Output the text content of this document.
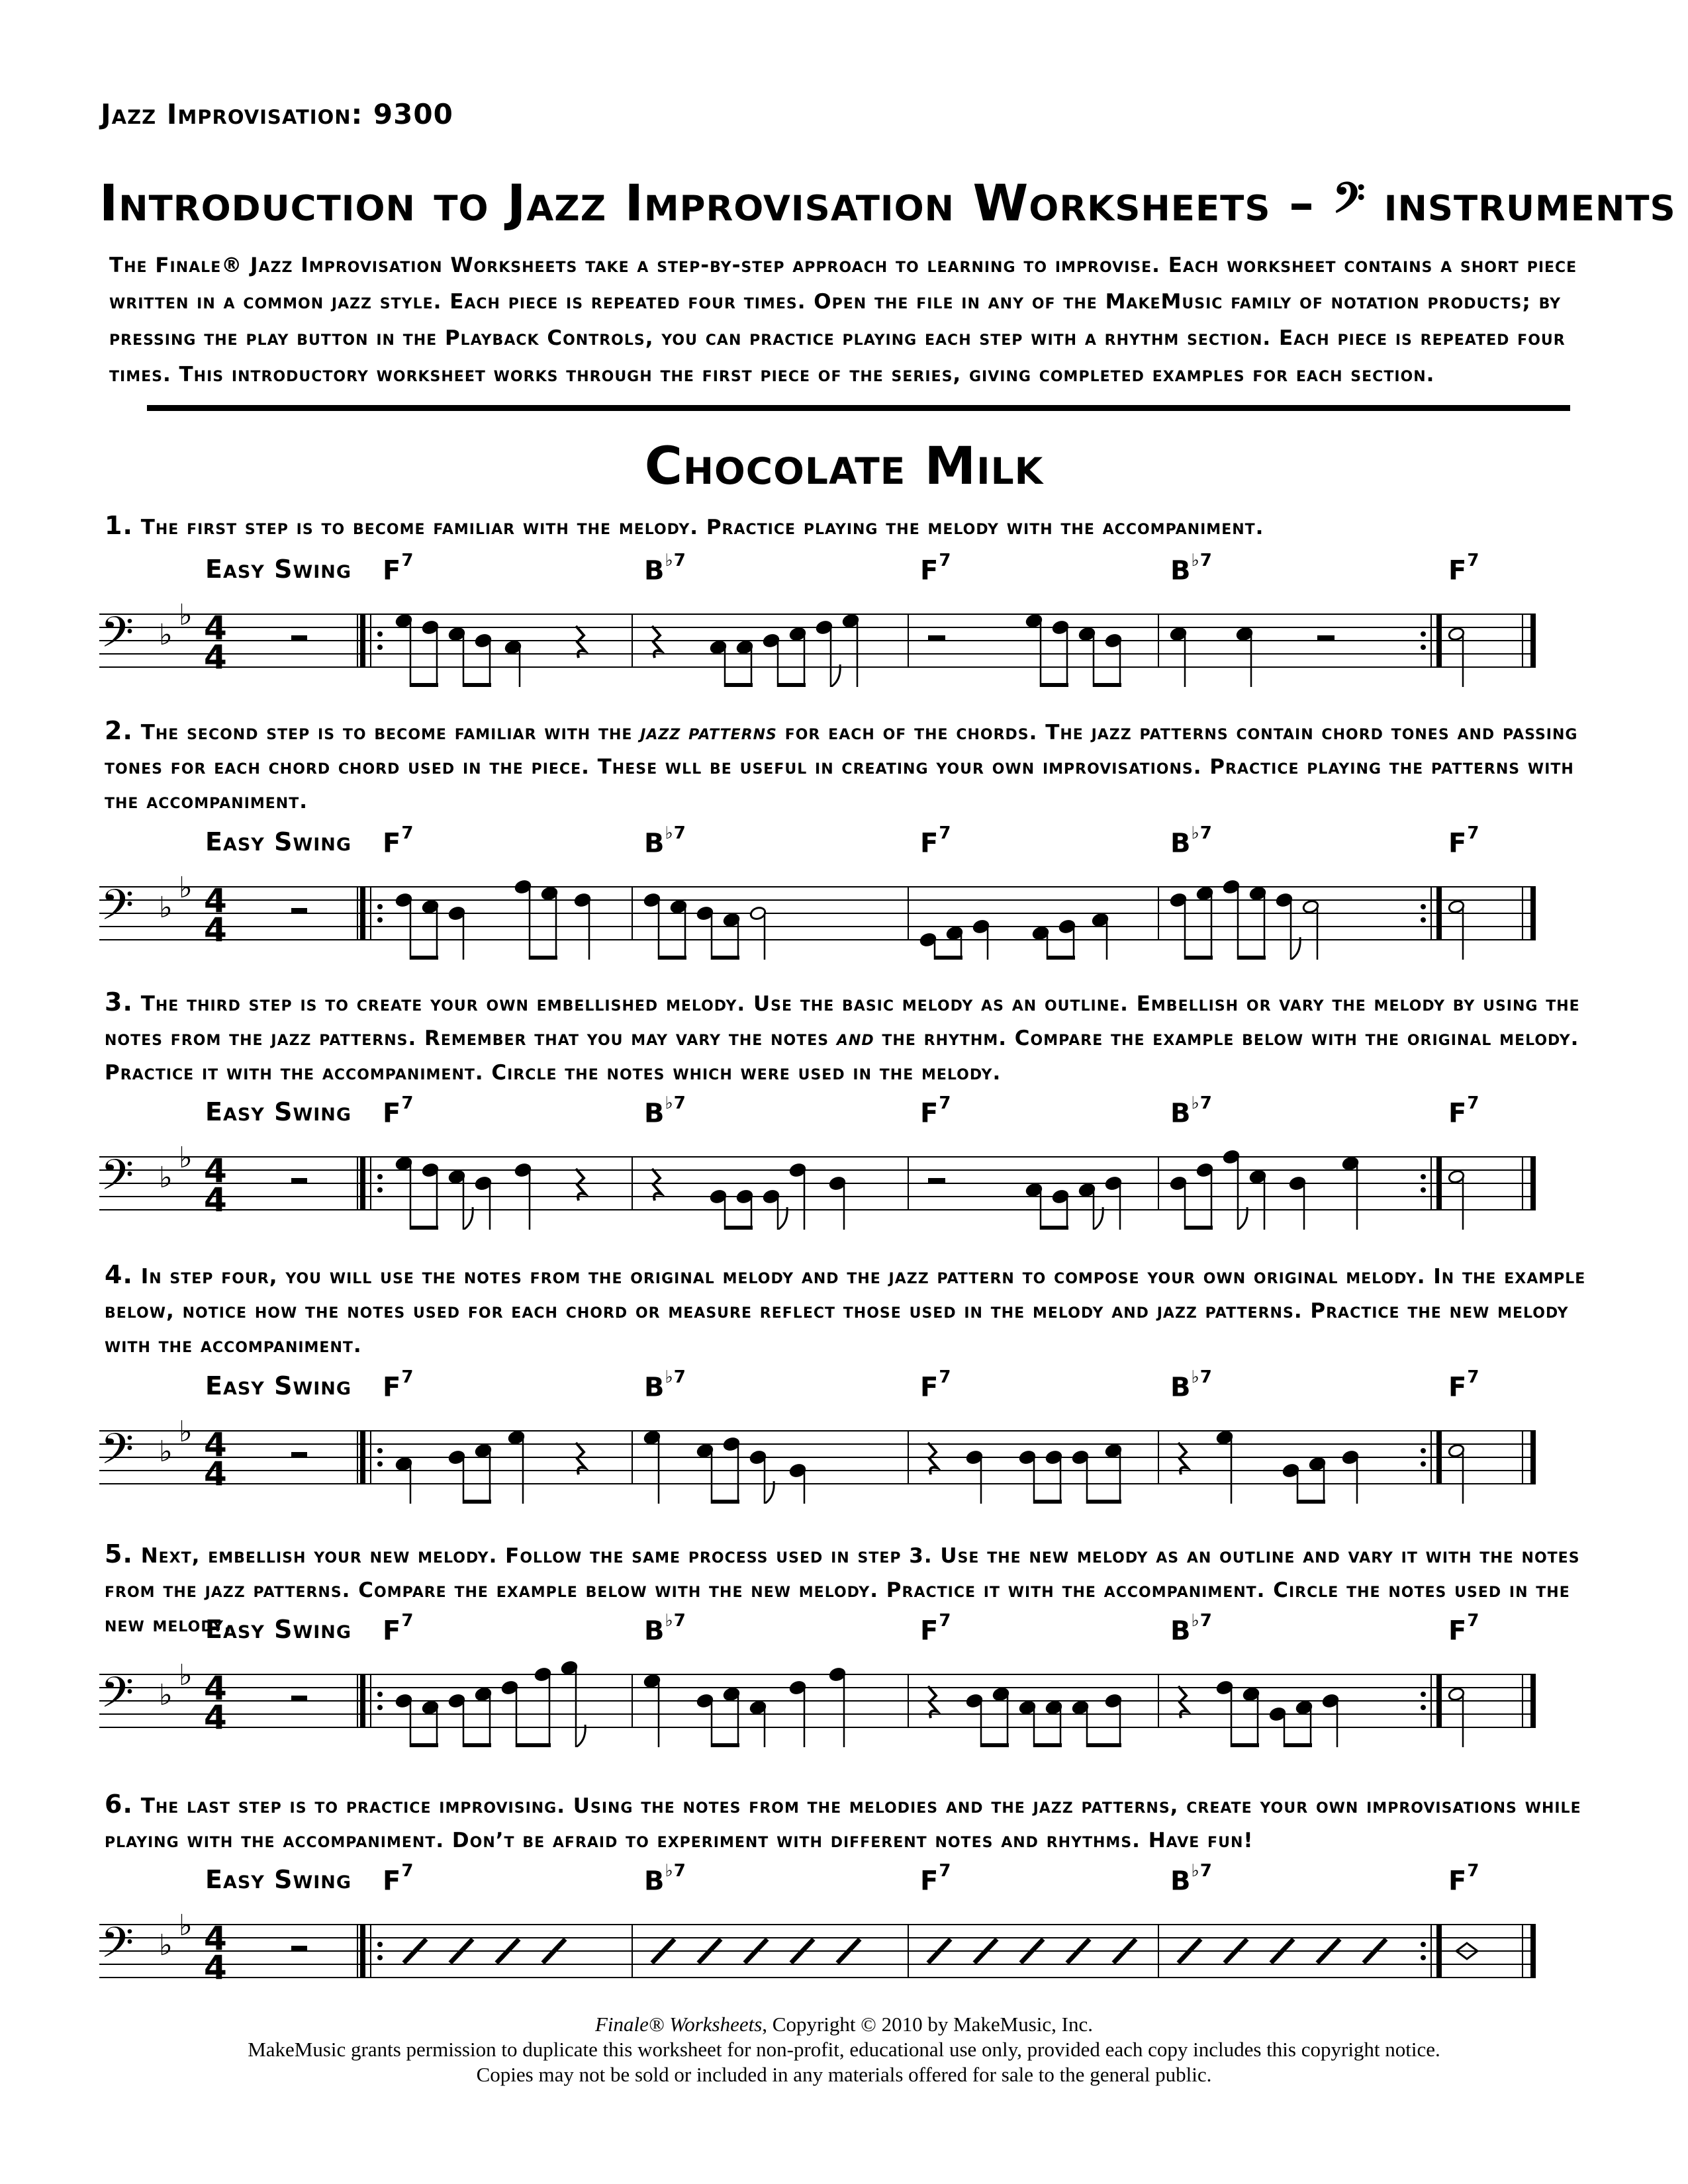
Jazz Improvisation: 9300
Introduction to Jazz Improvisation Worksheets – 𝄢 instruments
The Finale® Jazz Improvisation Worksheets take a step-by-step approach to learning to improvise. Each worksheet contains a short piece written in a common jazz style. Each piece is repeated four times. Open the file in any of the MakeMusic family of notation products; by pressing the play button in the Playback Controls, you can practice playing each step with a rhythm section. Each piece is repeated four times. This introductory worksheet works through the first piece of the series, giving completed examples for each section.
Chocolate Milk
1. The first step is to become familiar with the melody. Practice playing the melody with the accompaniment.
Easy Swing $F^7$	$B^{♭7}$	$F^7$	$B^{♭7}$	$F^7$
𝄢 ♭
♭ 4
4
2. The second step is to become familiar with the jazz patterns for each of the chords. The jazz patterns contain chord tones and passing tones for each chord chord used in the piece. These wll be useful in creating your own improvisations. Practice playing the patterns with the accompaniment.
Easy Swing $F^7$	$B^{♭7}$	$F^7$	$B^{♭7}$	$F^7$
𝄢 ♭
♭ 4
4
3. The third step is to create your own embellished melody. Use the basic melody as an outline. Embellish or vary the melody by using the notes from the jazz patterns. Remember that you may vary the notes and the rhythm. Compare the example below with the original melody. Practice it with the accompaniment. Circle the notes which were used in the melody.
Easy Swing $F^7$	$B^{♭7}$	$F^7$	$B^{♭7}$	$F^7$
𝄢 ♭
♭ 4
4
4. In step four, you will use the notes from the original melody and the jazz pattern to compose your own original melody. In the example below, notice how the notes used for each chord or measure reflect those used in the melody and jazz patterns. Practice the new melody with the accompaniment.
Easy Swing $F^7$	$B^{♭7}$	$F^7$	$B^{♭7}$	$F^7$
𝄢 ♭
♭ 4
4
5. Next, embellish your new melody. Follow the same process used in step 3. Use the new melody as an outline and vary it with the notes from the jazz patterns. Compare the example below with the new melody. Practice it with the accompaniment. Circle the notes used in the new melody.
Easy Swing $F^7$	$B^{♭7}$	$F^7$	$B^{♭7}$	$F^7$
𝄢 ♭
♭ 4
4
6. The last step is to practice improvising. Using the notes from the melodies and the jazz patterns, create your own improvisations while playing with the accompaniment. Don’t be afraid to experiment with different notes and rhythms. Have fun!
Easy Swing $F^7$	$B^{♭7}$	$F^7$	$B^{♭7}$	$F^7$
𝄢 ♭
♭ 4
4
Finale® Worksheets, Copyright © 2010 by MakeMusic, Inc.
MakeMusic grants permission to duplicate this worksheet for non-profit, educational use only, provided each copy includes this copyright notice.
Copies may not be sold or included in any materials offered for sale to the general public.
